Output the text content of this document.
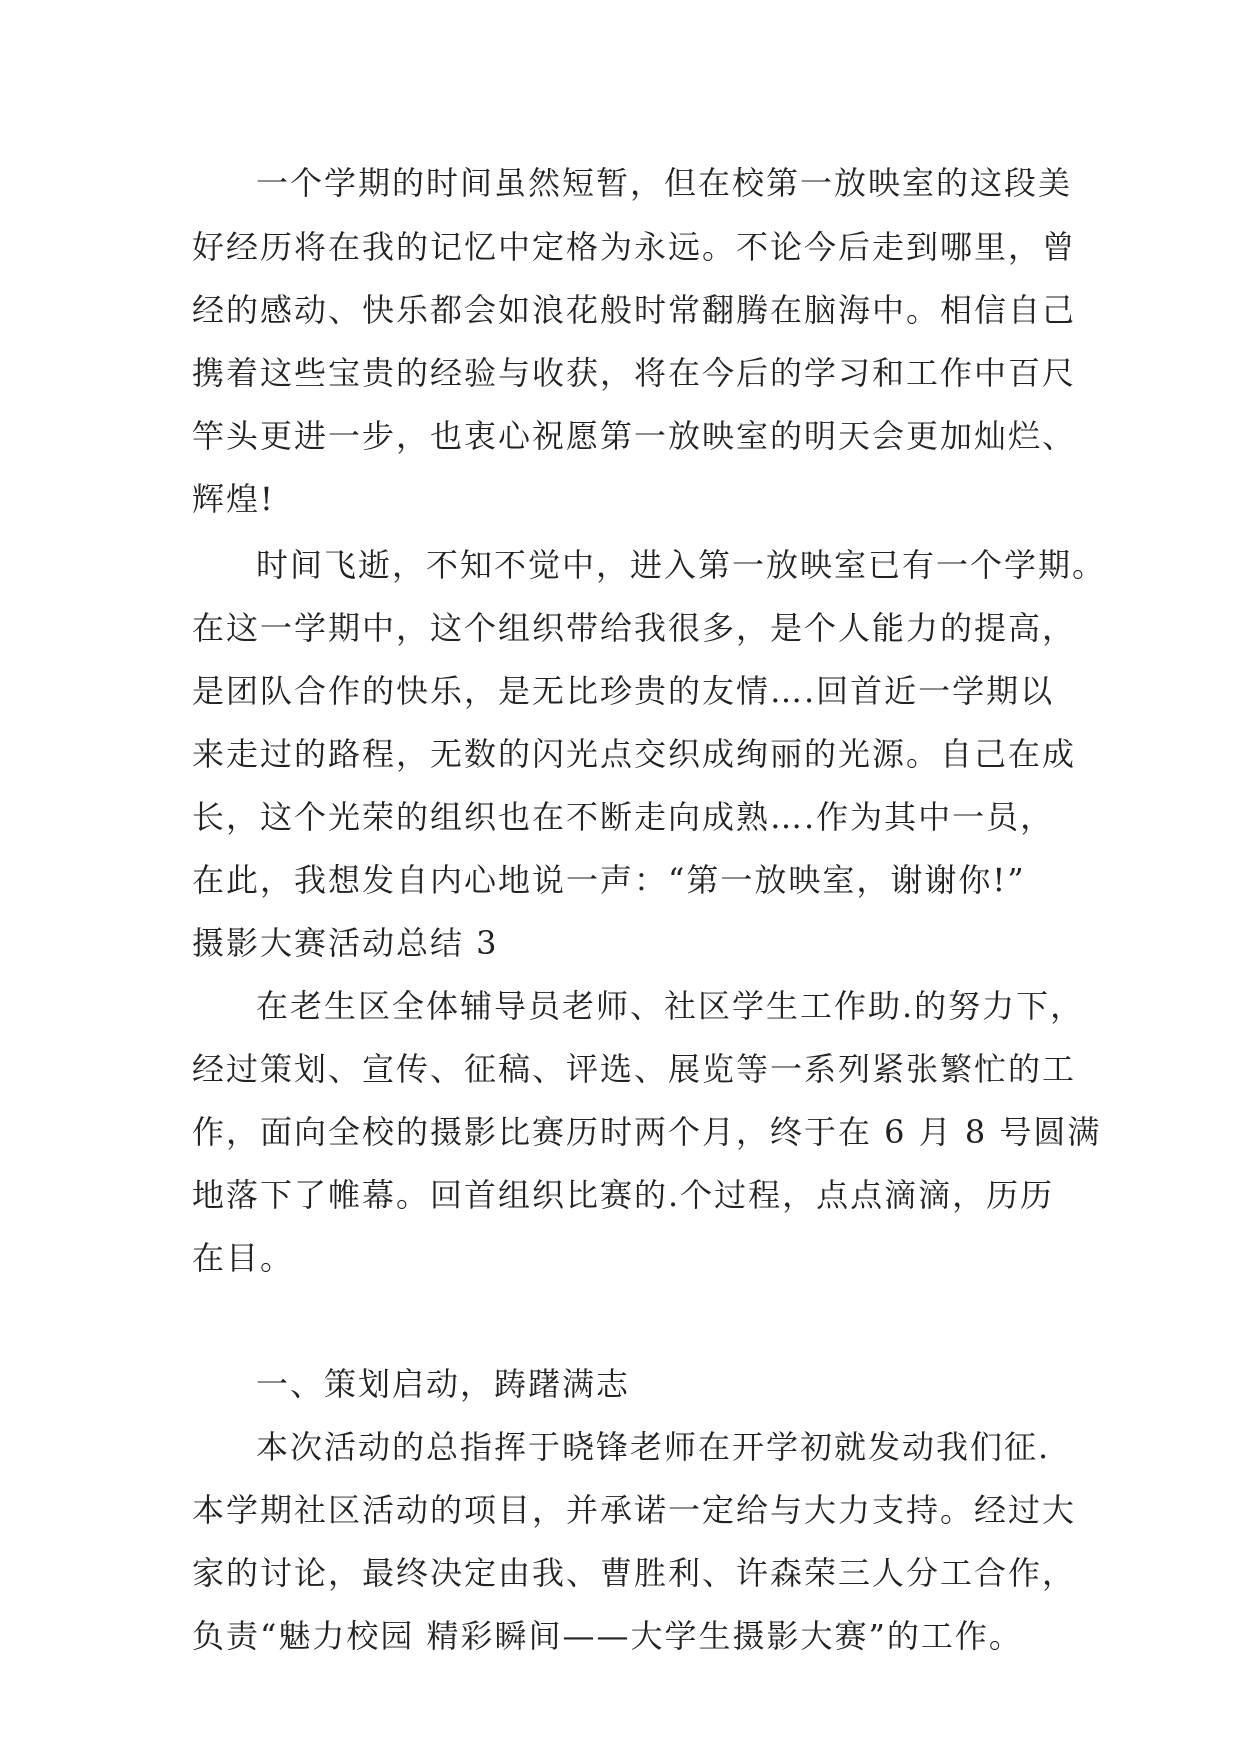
一个学期的时间虽然短暂，但在校第一放映室的这段美
好经历将在我的记忆中定格为永远。不论今后走到哪里，曾
经的感动、快乐都会如浪花般时常翻腾在脑海中。相信自己
携着这些宝贵的经验与收获，将在今后的学习和工作中百尺
竿头更进一步，也衷心祝愿第一放映室的明天会更加灿烂、
辉煌!
时间飞逝，不知不觉中，进入第一放映室已有一个学期。
在这一学期中，这个组织带给我很多，是个人能力的提高，
是团队合作的快乐，是无比珍贵的友情….回首近一学期以
来走过的路程，无数的闪光点交织成绚丽的光源。自己在成
长，这个光荣的组织也在不断走向成熟….作为其中一员，
在此，我想发自内心地说一声：“第一放映室，谢谢你!”
摄影大赛活动总结 3
在老生区全体辅导员老师、社区学生工作助.的努力下，
经过策划、宣传、征稿、评选、展览等一系列紧张繁忙的工
作，面向全校的摄影比赛历时两个月，终于在 6 月 8 号圆满
地落下了帷幕。回首组织比赛的.个过程，点点滴滴，历历
在目。
一、策划启动，踌躇满志
本次活动的总指挥于晓锋老师在开学初就发动我们征.
本学期社区活动的项目，并承诺一定给与大力支持。经过大
家的讨论，最终决定由我、曹胜利、许森荣三人分工合作，
负责“魅力校园 精彩瞬间——大学生摄影大赛”的工作。
